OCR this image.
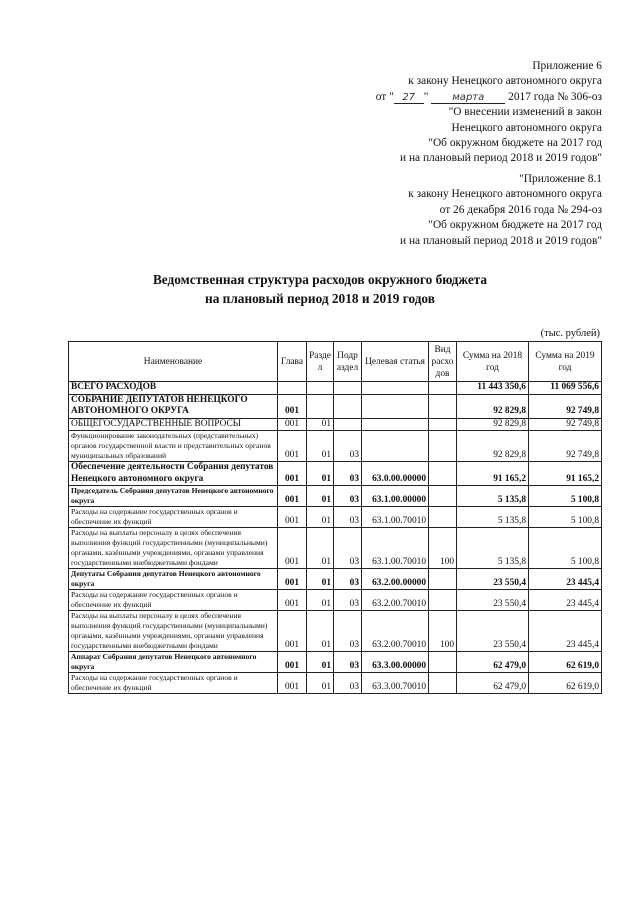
Приложение 6
к закону Ненецкого автономного округа
от " 27 " марта 2017 года № 306-оз
"О внесении изменений в закон
Ненецкого автономного округа
"Об окружном бюджете на 2017 год
и на плановый период 2018 и 2019 годов"
"Приложение 8.1
к закону Ненецкого автономного округа
от 26 декабря 2016 года № 294-оз
"Об окружном бюджете на 2017 год
и на плановый период 2018 и 2019 годов"
Ведомственная структура расходов окружного бюджета
на плановый период 2018 и 2019 годов
(тыс. рублей)
Наименование	Глава	Разде л	Подр аздел	Целевая статья	Вид расхо дов	Сумма на 2018 год	Сумма на 2019 год
ВСЕГО РАСХОДОВ						11 443 350,6	11 069 556,6
СОБРАНИЕ ДЕПУТАТОВ НЕНЕЦКОГО АВТОНОМНОГО ОКРУГА	001					92 829,8	92 749,8
ОБЩЕГОСУДАРСТВЕННЫЕ ВОПРОСЫ	001	01				92 829,8	92 749,8
Функционирование законодательных (представительных) органов государственной власти и представительных органов муниципальных образований	001	01	03			92 829,8	92 749,8
Обеспечение деятельности Собрания депутатов Ненецкого автономного округа	001	01	03	63.0.00.00000		91 165,2	91 165,2
Председатель Собрания депутатов Ненецкого автономного округа	001	01	03	63.1.00.00000		5 135,8	5 100,8
Расходы на содержание государственных органов и обеспечение их функций	001	01	03	63.1.00.70010		5 135,8	5 100,8
Расходы на выплаты персоналу в целях обеспечения выполнения функций государственными (муниципальными) органами, казёнными учреждениями, органами управления государственными внебюджетными фондами	001	01	03	63.1.00.70010	100	5 135,8	5 100,8
Депутаты Собрания депутатов Ненецкого автономного округа	001	01	03	63.2.00.00000		23 550,4	23 445,4
Расходы на содержание государственных органов и обеспечение их функций	001	01	03	63.2.00.70010		23 550,4	23 445,4
Расходы на выплаты персоналу в целях обеспечения выполнения функций государственными (муниципальными) органами, казёнными учреждениями, органами управления государственными внебюджетными фондами	001	01	03	63.2.00.70010	100	23 550,4	23 445,4
Аппарат Собрания депутатов Ненецкого автономного округа	001	01	03	63.3.00.00000		62 479,0	62 619,0
Расходы на содержание государственных органов и обеспечение их функций	001	01	03	63.3.00.70010		62 479,0	62 619,0
